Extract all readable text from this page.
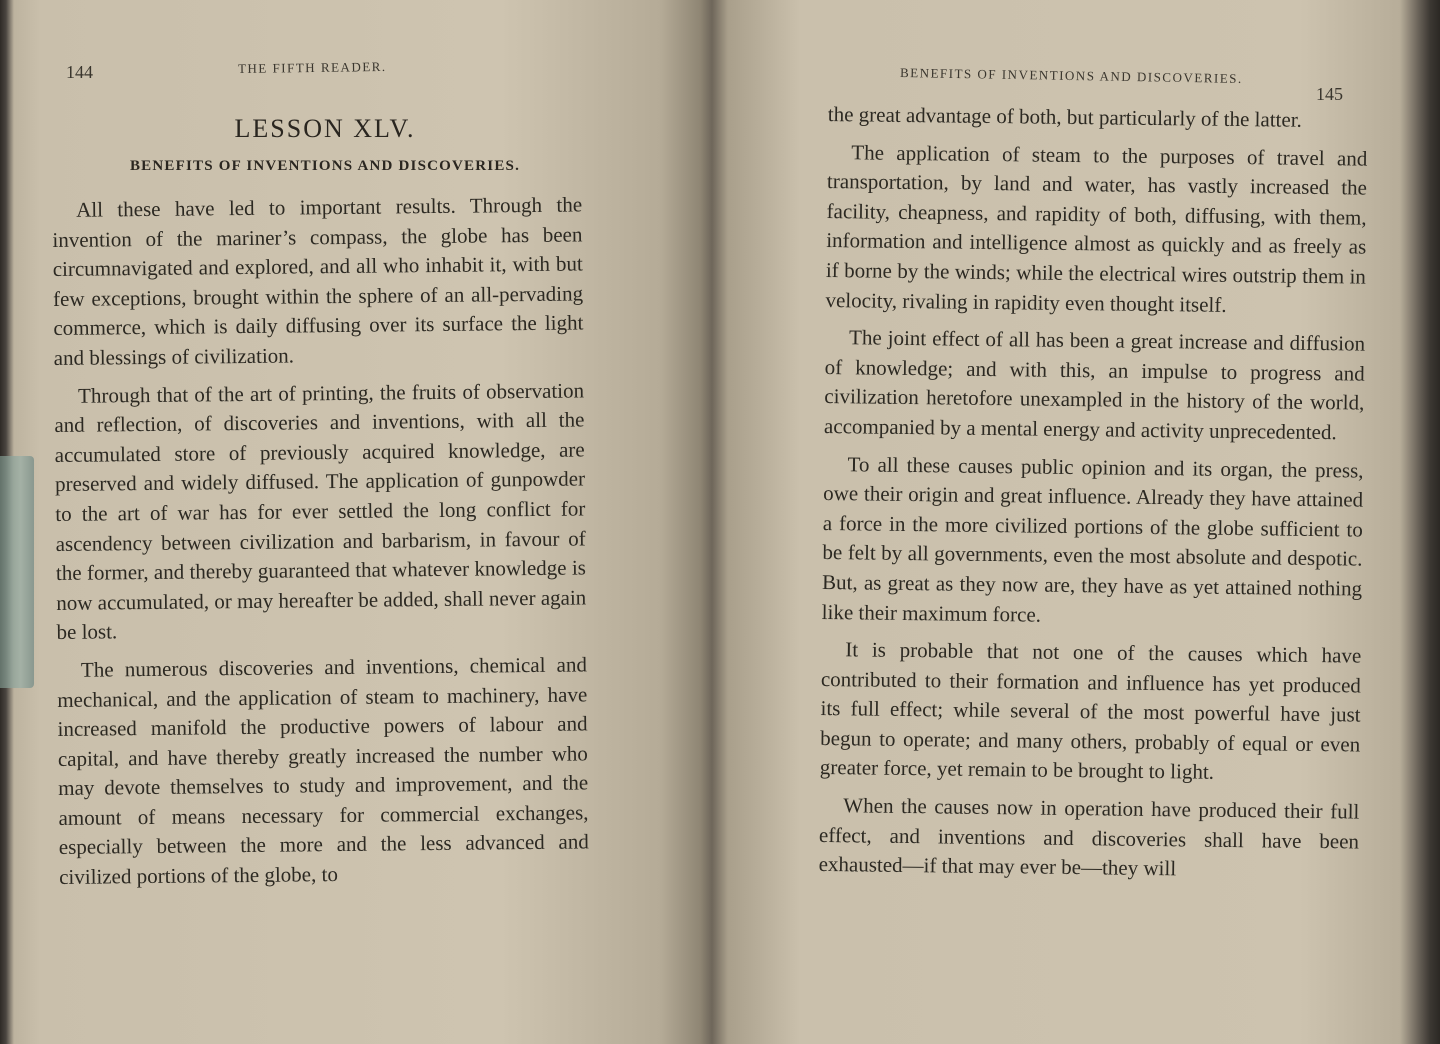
144	THE FIFTH READER.
LESSON XLV.
BENEFITS OF INVENTIONS AND DISCOVERIES.

All these have led to important results. Through the invention of the mariner’s compass, the globe has been circumnavigated and explored, and all who inhabit it, with but few exceptions, brought within the sphere of an all-pervading commerce, which is daily diffusing over its surface the light and blessings of civilization.

Through that of the art of printing, the fruits of observation and reflection, of discoveries and inventions, with all the accumulated store of previously acquired knowledge, are preserved and widely diffused. The application of gunpowder to the art of war has for ever settled the long conflict for ascendency between civilization and barbarism, in favour of the former, and thereby guaranteed that whatever knowledge is now accumulated, or may hereafter be added, shall never again be lost.

The numerous discoveries and inventions, chemical and mechanical, and the application of steam to machinery, have increased manifold the productive powers of labour and capital, and have thereby greatly increased the number who may devote themselves to study and improvement, and the amount of means necessary for commercial exchanges, especially between the more and the less advanced and civilized portions of the globe, to

BENEFITS OF INVENTIONS AND DISCOVERIES.
145

the great advantage of both, but particularly of the latter.

The application of steam to the purposes of travel and transportation, by land and water, has vastly increased the facility, cheapness, and rapidity of both, diffusing, with them, information and intelligence almost as quickly and as freely as if borne by the winds; while the electrical wires outstrip them in velocity, rivaling in rapidity even thought itself.

The joint effect of all has been a great increase and diffusion of knowledge; and with this, an impulse to progress and civilization heretofore unexampled in the history of the world, accompanied by a mental energy and activity unprecedented.

To all these causes public opinion and its organ, the press, owe their origin and great influence. Already they have attained a force in the more civilized portions of the globe sufficient to be felt by all governments, even the most absolute and despotic. But, as great as they now are, they have as yet attained nothing like their maximum force.

It is probable that not one of the causes which have contributed to their formation and influence has yet produced its full effect; while several of the most powerful have just begun to operate; and many others, probably of equal or even greater force, yet remain to be brought to light.

When the causes now in operation have produced their full effect, and inventions and discoveries shall have been exhausted—if that may ever be—they will
